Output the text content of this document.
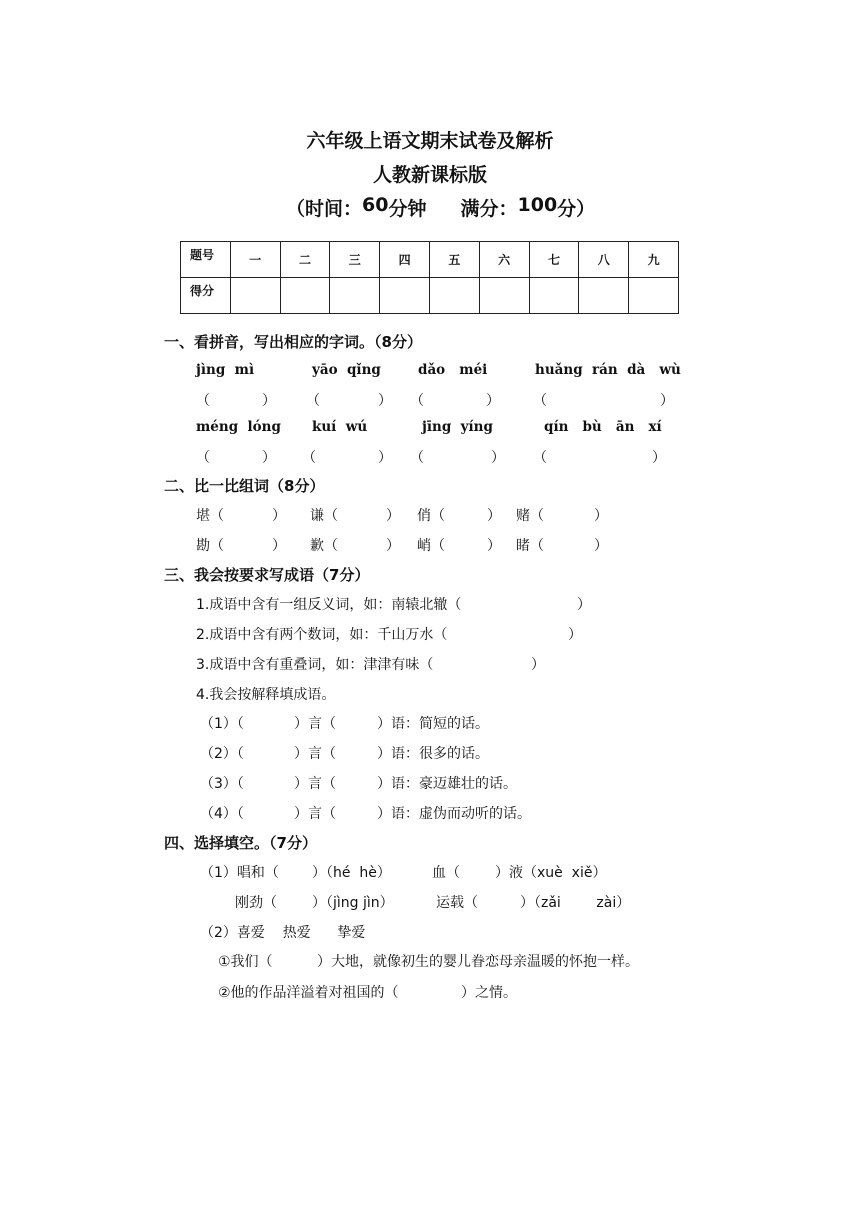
六年级上语文期末试卷及解析
人教新课标版
（时间：60分钟 满分：100分）
题号	一	二	三	四	五	六	七	八	九
得分									
一、看拼音，写出相应的字词。（8分）
jìng  mì	yāo  qǐng	dǎo   méi	huǎng  rán  dà   wù
（	） （	） （	） （	）
méng  lóng kuí  wú	jīng  yíng	qín   bù   ān   xí
（	） （	） （	） （	）
二、比一比组词（8分）
堪（	） 谦（	） 俏（	） 赌（	）
勘（	） 歉（	） 峭（	） 睹（	）
三、我会按要求写成语（7分）
1.成语中含有一组反义词，如：南辕北辙（	）
2.成语中含有两个数词，如：千山万水（	）
3.成语中含有重叠词，如：津津有味（	）
4.我会按解释填成语。
（1）（	）言（	）语：简短的话。
（2）（	）言（	）语：很多的话。
（3）（	）言（	）语：豪迈雄壮的话。
（4）（	）言（	）语：虚伪而动听的话。
四、选择填空。（7分）
（1）唱和（ ）（hé  hè）	血（	）液（xuè  xiě）
刚劲（	）（jìng jìn）	运载（	）（zǎi        zài）
（2）喜爱    热爱      挚爱
①我们（	）大地，就像初生的婴儿眷恋母亲温暖的怀抱一样。
②他的作品洋溢着对祖国的（	）之情。
